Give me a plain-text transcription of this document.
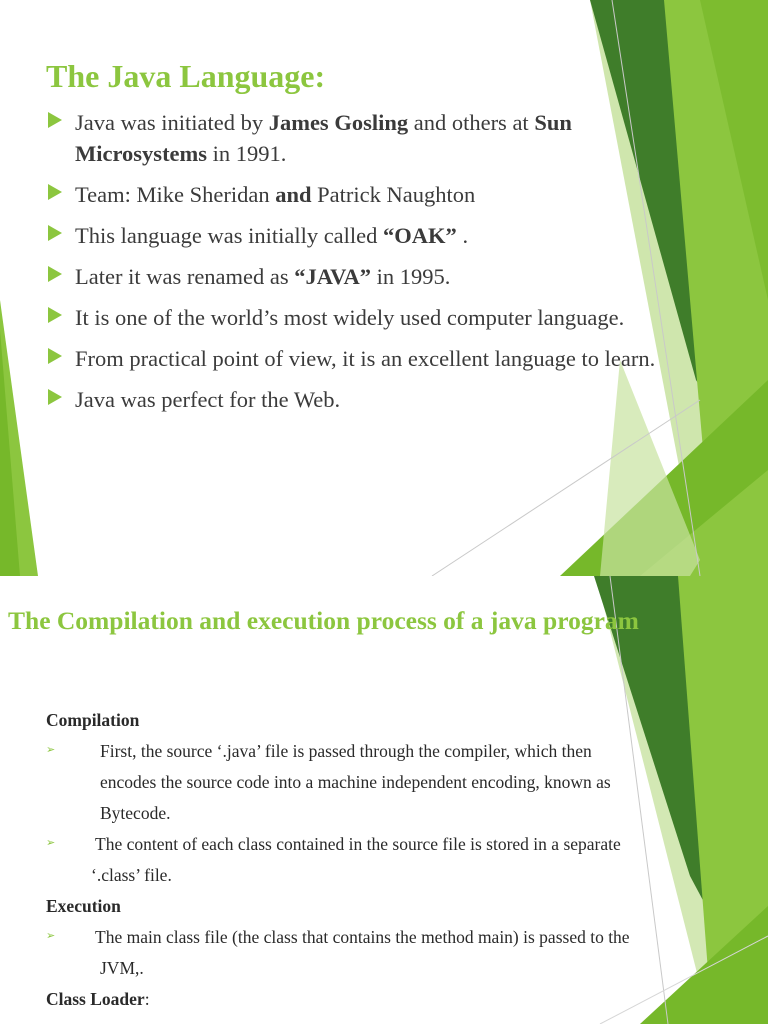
The Java Language:
Java was initiated by James Gosling and others at Sun Microsystems in 1991.
Team: Mike Sheridan and Patrick Naughton
This language was initially called “OAK” .
Later it was renamed as “JAVA” in 1995.
It is one of the world’s most widely used computer language.
From practical point of view, it is an excellent language to learn.
Java was perfect for the Web.
The Compilation and execution process of a java program
Compilation
➢	First, the source ‘.java’ file is passed through the compiler, which then
encodes the source code into a machine independent encoding, known as
Bytecode.
➢ The content of each class contained in the source file is stored in a separate
‘.class’ file.
Execution
➢ The main class file (the class that contains the method main) is passed to the
JVM,.
Class Loader:
